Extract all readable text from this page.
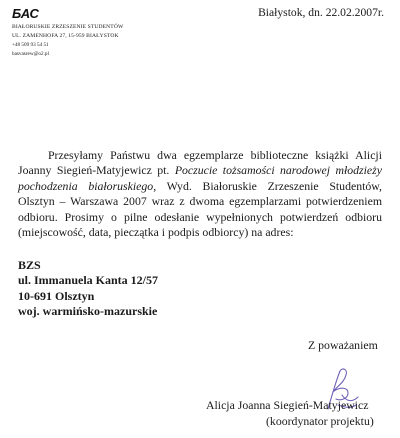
БАС
BIAŁORUSKIE ZRZESZENIE STUDENTÓW
UL. ZAMENHOFA 27, 15-959 BIAŁYSTOK
+48 509 93 54 51
basvasrew@o2.pl
Białystok, dn. 22.02.2007r.

Przesyłamy Państwu dwa egzemplarze biblioteczne książki Alicji Joanny Siegień-Matyjewicz pt. Poczucie tożsamości narodowej młodzieży pochodzenia białoruskiego, Wyd. Białoruskie Zrzeszenie Studentów, Olsztyn – Warszawa 2007 wraz z dwoma egzemplarzami potwierdzeniem odbioru. Prosimy o pilne odesłanie wypełnionych potwierdzeń odbioru (miejscowość, data, pieczątka i podpis odbiorcy) na adres:

BZS
ul. Immanuela Kanta 12/57
10-691 Olsztyn
woj. warmińsko-mazurskie
Z poważaniem
Alicja Joanna Siegień-Matyjewicz
(koordynator projektu)
